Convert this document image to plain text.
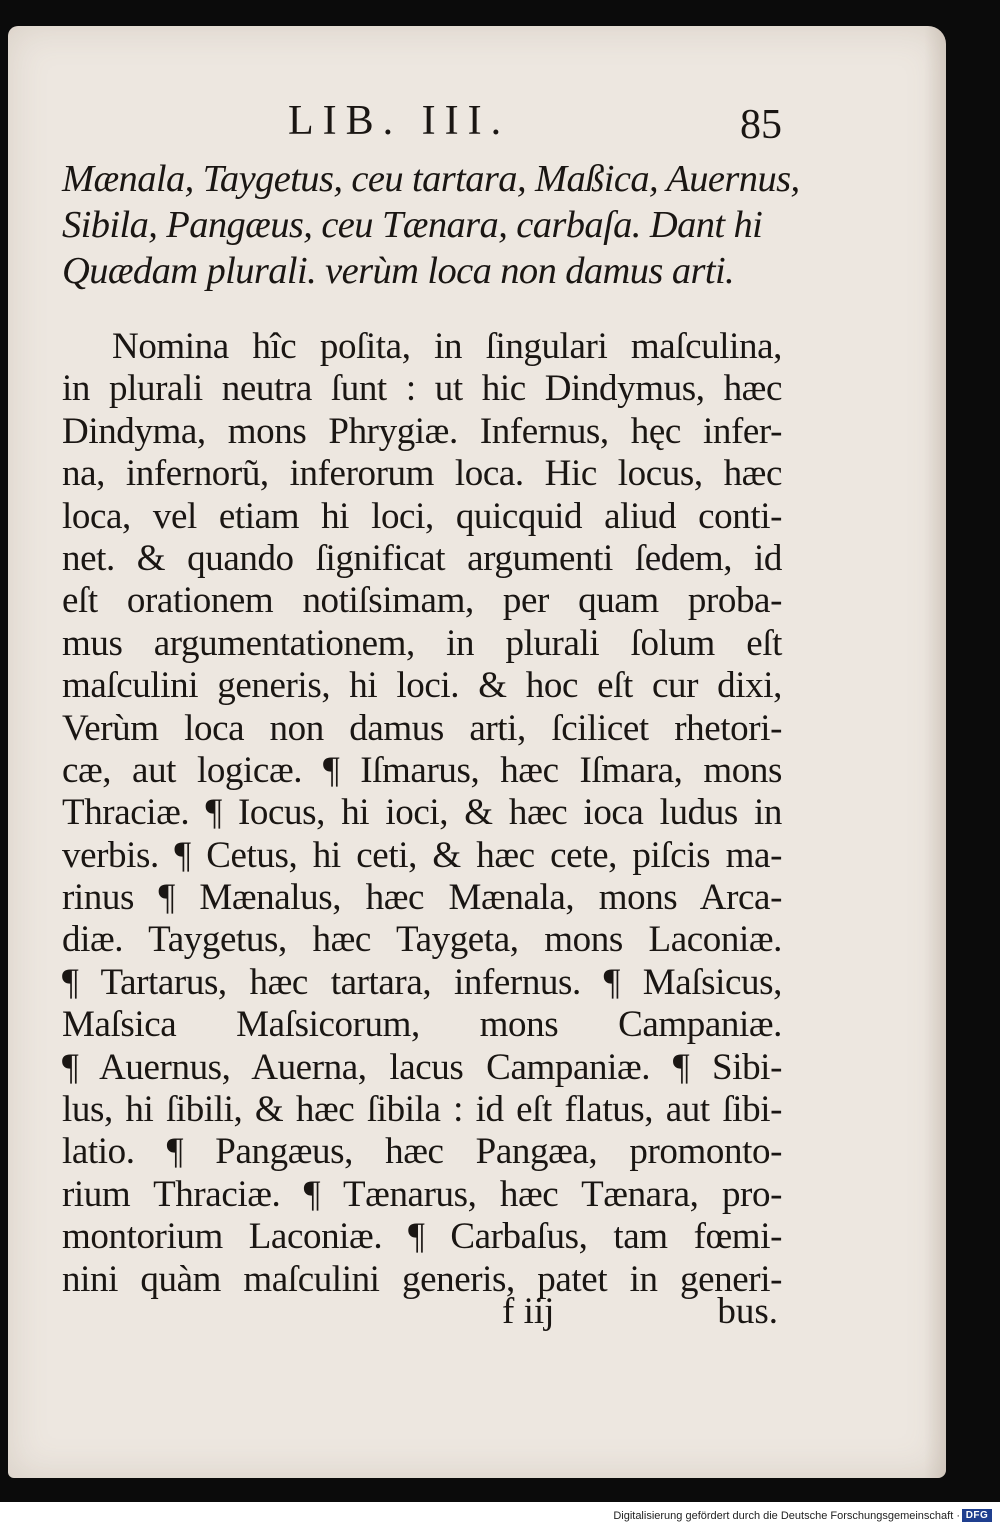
LIB. III.	85
Mænala, Taygetus, ceu tartara, Maßica, Auernus,
Sibila, Pangæus, ceu Tænara, carbaſa. Dant hi
Quædam plurali. verùm loca non damus arti.
Nomina hîc poſita, in ſingulari maſculina,
in plurali neutra ſunt : ut hic Dindymus, hæc
Dindyma, mons Phrygiæ. Infernus, hęc infer-
na, infernorũ, inferorum loca. Hic locus, hæc
loca, vel etiam hi loci, quicquid aliud conti-
net. & quando ſignificat argumenti ſedem, id
eſt orationem notiſsimam, per quam proba-
mus argumentationem, in plurali ſolum eſt
maſculini generis, hi loci. & hoc eſt cur dixi,
Verùm loca non damus arti, ſcilicet rhetori-
cæ, aut logicæ. ¶ Iſmarus, hæc Iſmara, mons
Thraciæ. ¶ Iocus, hi ioci, & hæc ioca ludus in
verbis. ¶ Cetus, hi ceti, & hæc cete, piſcis ma-
rinus ¶ Mænalus, hæc Mænala, mons Arca-
diæ. Taygetus, hæc Taygeta, mons Laconiæ.
¶ Tartarus, hæc tartara, infernus. ¶ Maſsicus,
Maſsica Maſsicorum, mons Campaniæ.
¶ Auernus, Auerna, lacus Campaniæ. ¶ Sibi-
lus, hi ſibili, & hæc ſibila : id eſt flatus, aut ſibi-
latio. ¶ Pangæus, hæc Pangæa, promonto-
rium Thraciæ. ¶ Tænarus, hæc Tænara, pro-
montorium Laconiæ. ¶ Carbaſus, tam fœmi-
nini quàm maſculini generis, patet in generi-
f iij	bus.
Digitalisierung gefördert durch die Deutsche Forschungsgemeinschaft · DFG
